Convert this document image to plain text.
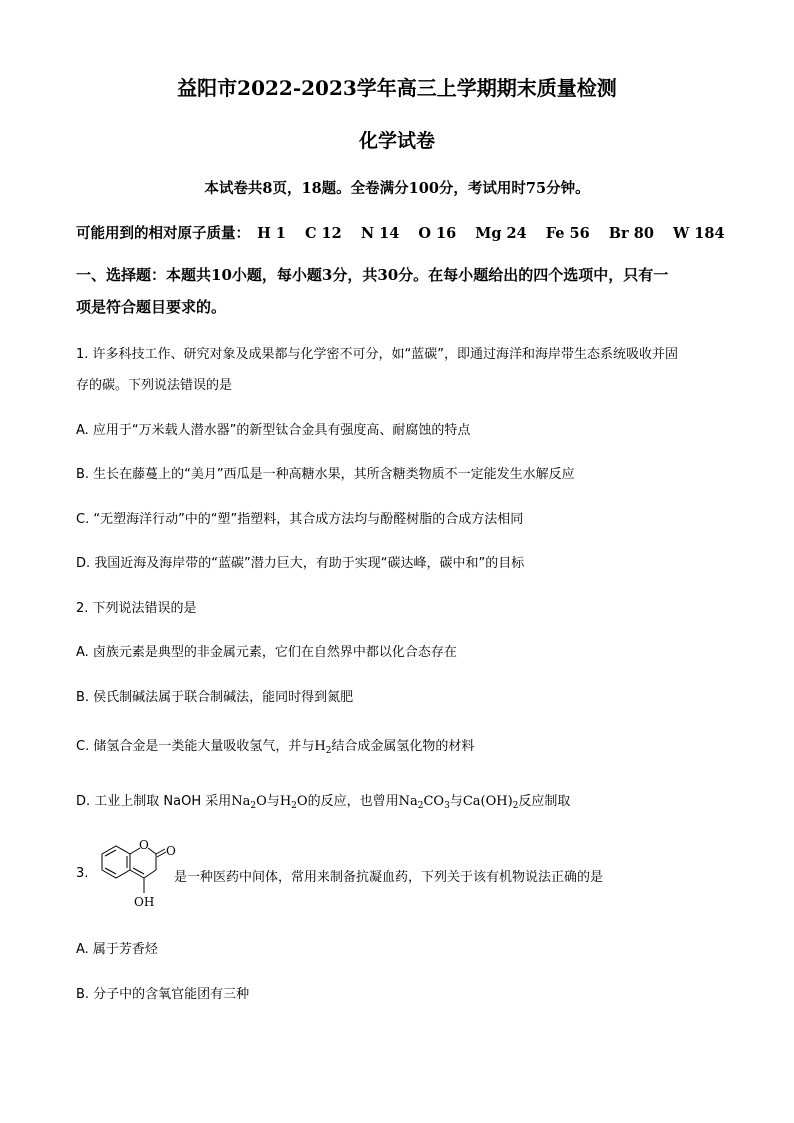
益阳市2022-2023学年高三上学期期末质量检测
化学试卷
本试卷共8页，18题。全卷满分100分，考试用时75分钟。
可能用到的相对原子质量： H 1 C 12 N 14 O 16 Mg 24 Fe 56 Br 80 W 184
一、选择题：本题共10小题，每小题3分，共30分。在每小题给出的四个选项中，只有一
项是符合题目要求的。
1. 许多科技工作、研究对象及成果都与化学密不可分，如“蓝碳”，即通过海洋和海岸带生态系统吸收并固
存的碳。下列说法错误的是
A. 应用于“万米载人潜水器”的新型钛合金具有强度高、耐腐蚀的特点
B. 生长在藤蔓上的“美月”西瓜是一种高糖水果，其所含糖类物质不一定能发生水解反应
C. “无塑海洋行动”中的“塑”指塑料，其合成方法均与酚醛树脂的合成方法相同
D. 我国近海及海岸带的“蓝碳”潜力巨大，有助于实现“碳达峰，碳中和”的目标
2. 下列说法错误的是
A. 卤族元素是典型的非金属元素，它们在自然界中都以化合态存在
B. 侯氏制碱法属于联合制碱法，能同时得到氮肥
C. 储氢合金是一类能大量吸收氢气，并与$H_2$结合成金属氢化物的材料
D. 工业上制取 NaOH 采用$Na_2O$与$H_2O$的反应，也曾用$Na_2CO_3$与$Ca(OH)_2$反应制取
3.
O O
OH
是一种医药中间体，常用来制备抗凝血药，下列关于该有机物说法正确的是
A. 属于芳香烃
B. 分子中的含氧官能团有三种
